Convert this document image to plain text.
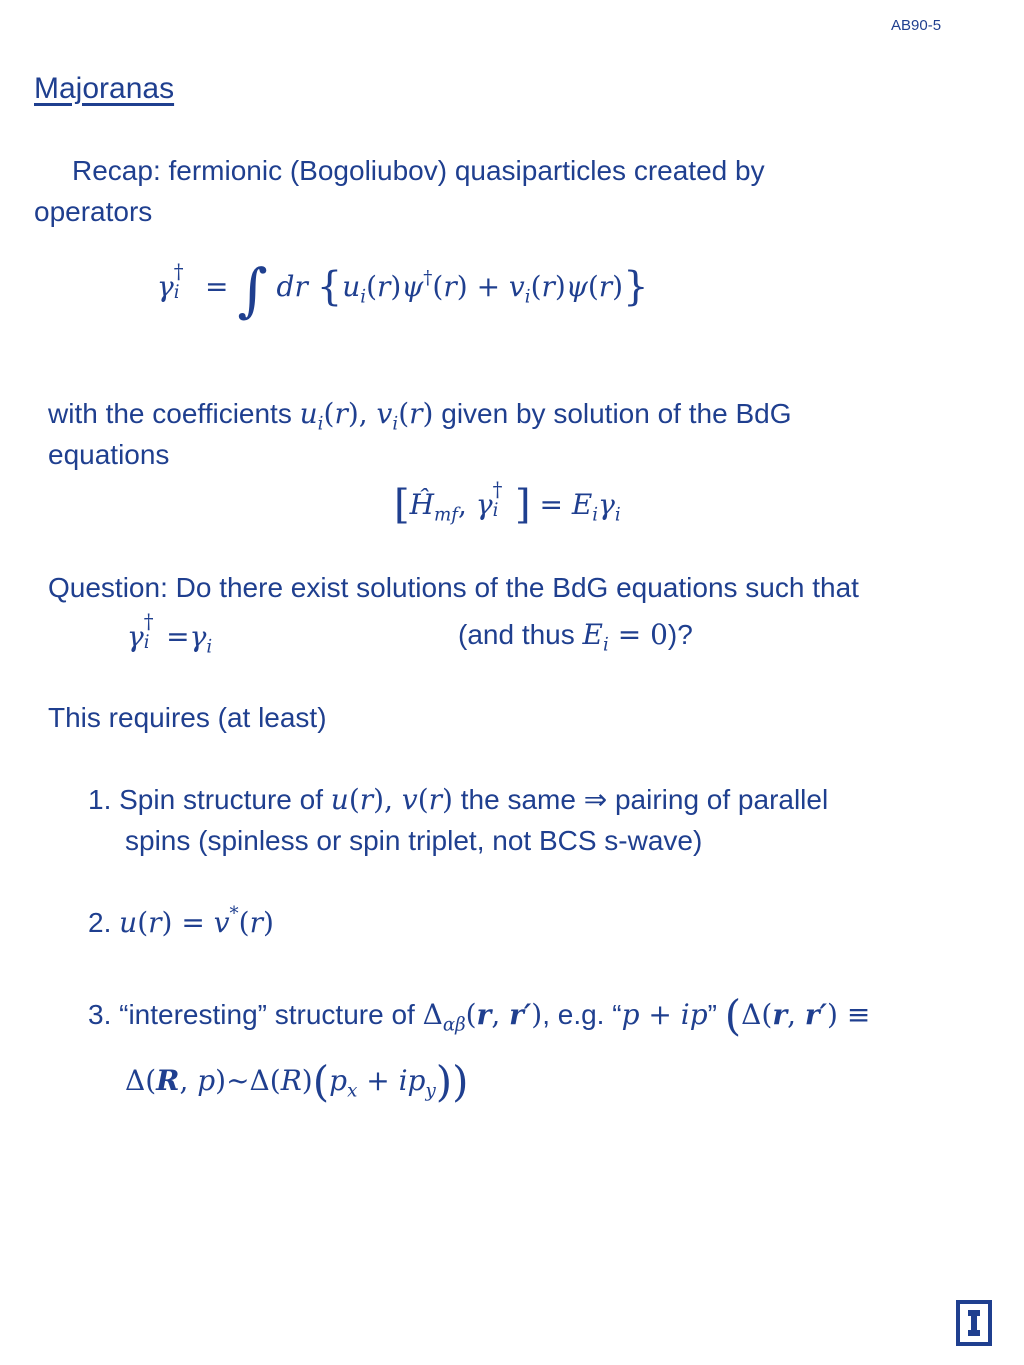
AB90-5
Majoranas
Recap: fermionic (Bogoliubov) quasiparticles created by
operators
γ †
i = ∫ dr $\{u_i(r)\psi^\dagger(r) + v_i(r)\psi(r)\}$
with the coefficients $u_i(r)$, $v_i(r)$ given by solution of the BdG
equations
[$Ĥ_{mf}$, γ †
i ] = $E_i\gamma_i$
Question: Do there exist solutions of the BdG equations such that
γ †
$i =\gamma_i$	(and thus $E_i = 0$)?
This requires (at least)
1. Spin structure of u(r), v(r) the same ⇒ pairing of parallel
spins (spinless or spin triplet, not BCS s-wave)
2. u(r) = v*(r)
3. “interesting” structure of $\Delta_{\alpha\beta}(r$, r′), e.g. “p + ip” (Δ(r, r′) ≡
Δ(R, $p)\sim\Delta(R)(p_x + ip_y)$)
